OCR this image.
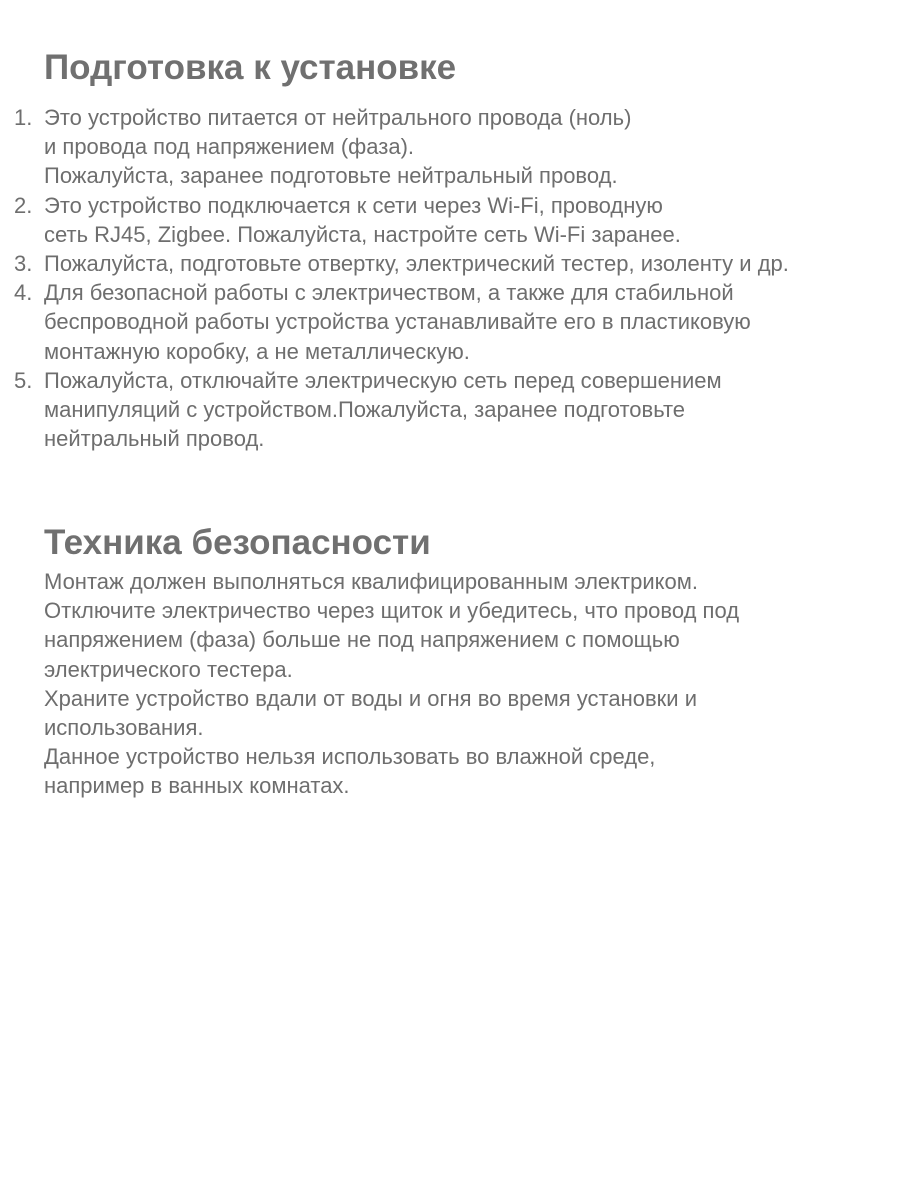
Подготовка к установке
1. Это устройство питается от нейтрального провода (ноль)
и провода под напряжением (фаза).
Пожалуйста, заранее подготовьте нейтральный провод.
2. Это устройство подключается к сети через Wi-Fi, проводную
сеть RJ45, Zigbee. Пожалуйста, настройте сеть Wi-Fi заранее.
3. Пожалуйста, подготовьте отвертку, электрический тестер, изоленту и др.
4. Для безопасной работы с электричеством, а также для стабильной
беспроводной работы устройства устанавливайте его в пластиковую
монтажную коробку, а не металлическую.
5. Пожалуйста, отключайте электрическую сеть перед совершением
манипуляций с устройством.Пожалуйста, заранее подготовьте
нейтральный провод.
Техника безопасности
Монтаж должен выполняться квалифицированным электриком.
Отключите электричество через щиток и убедитесь, что провод под
напряжением (фаза) больше не под напряжением с помощью
электрического тестера.
Храните устройство вдали от воды и огня во время установки и
использования.
Данное устройство нельзя использовать во влажной среде,
например в ванных комнатах.
